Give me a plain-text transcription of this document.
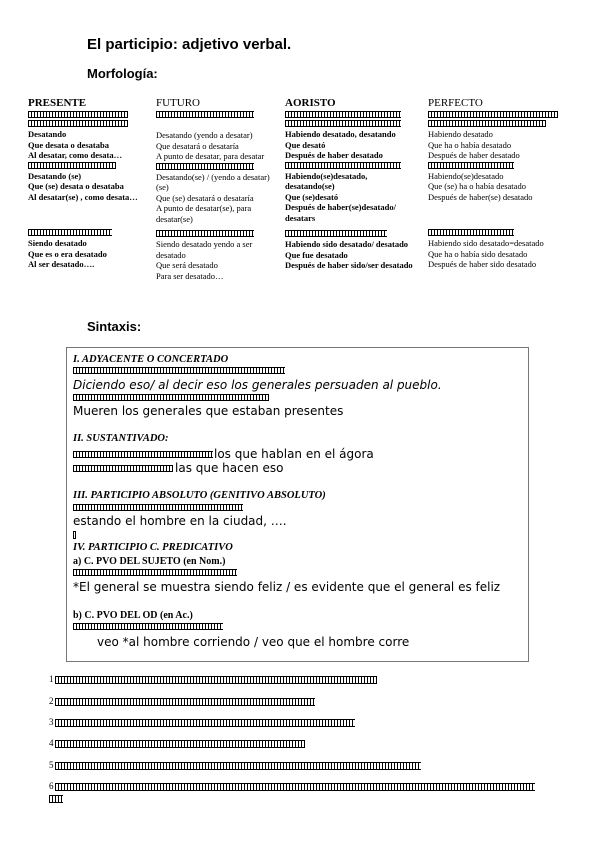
El participio: adjetivo verbal.
Morfología:
PRESENTE
Desatando
Que desata o desataba
Al desatar, como desata…
Desatando (se)
Que (se) desata o desataba
Al desatar(se) , como desata…
Siendo desatado
Que es o era desatado
Al ser desatado….
FUTURO
Desatando (yendo a desatar)
Que desatará o desataría
A punto de desatar, para desatar
Desatando(se) / (yendo a desatar) (se)
Que (se) desatará o desataría
A punto de desatar(se), para desatar(se)
Siendo desatado yendo a ser desatado
Que será desatado
Para ser desatado…
AORISTO
Habiendo desatado, desatando
Que desató
Después de haber desatado
Habiendo(se)desatado, desatando(se)
Que (se)desató
Después de haber(se)desatado/ desatars
Habiendo sido desatado/ desatado
Que fue desatado
Después de haber sido/ser desatado
PERFECTO
Habiendo desatado
Que ha o había desatado
Después de haber desatado
Habiendo(se)desatado
Que (se) ha o había desatado
Después de haber(se) desatado
Habiendo sido desatado=desatado
Que ha o había sido desatado
Después de haber sido desatado
Sintaxis:
I. ADYACENTE O CONCERTADO
Diciendo eso/ al decir eso los generales persuaden al pueblo.
Mueren los generales que estaban presentes
II. SUSTANTIVADO:
los que hablan en el ágora
las que hacen eso
III. PARTICIPIO ABSOLUTO (GENITIVO ABSOLUTO)
estando el hombre en la ciudad, ….
IV. PARTICIPIO C. PREDICATIVO
a) C. PVO DEL SUJETO (en Nom.)
*El general se muestra siendo feliz / es evidente que el general es feliz
b) C. PVO DEL OD (en Ac.)
veo *al hombre corriendo / veo que el hombre corre
1
2
3
4
5
6
